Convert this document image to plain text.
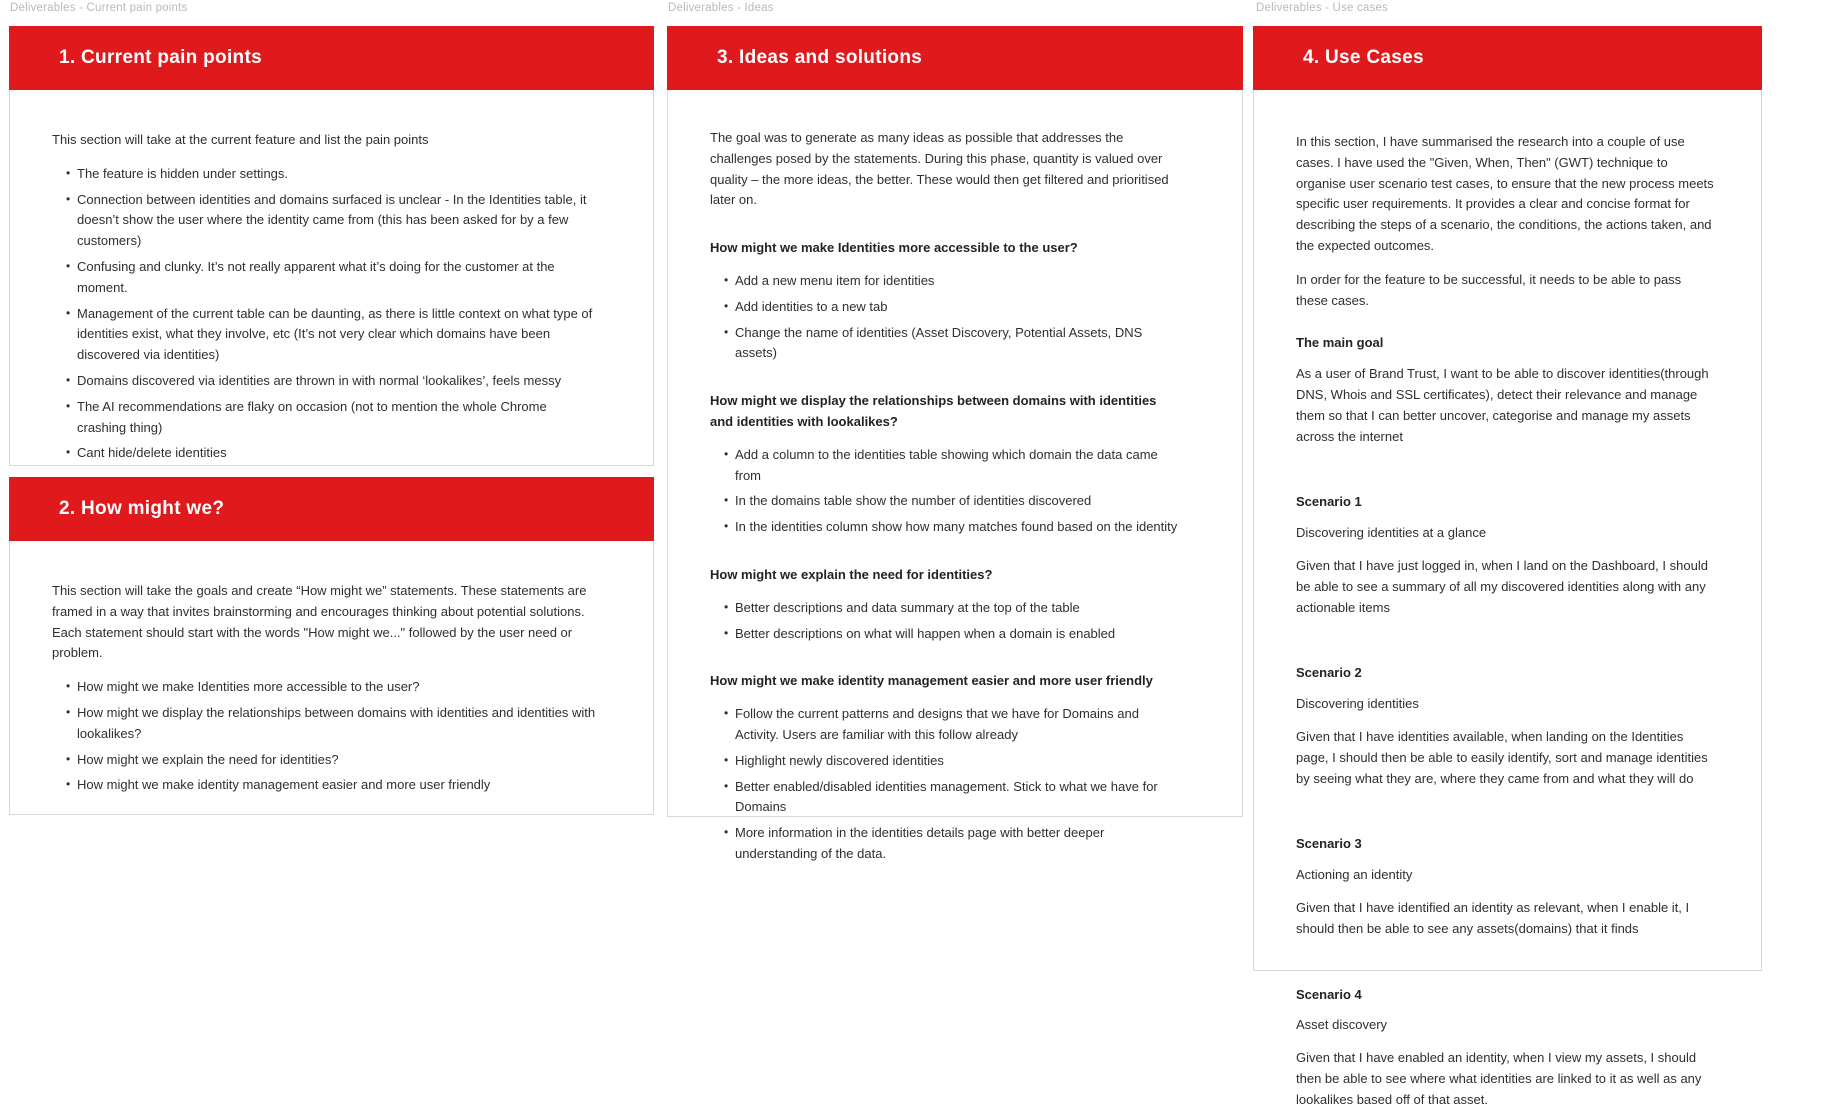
Deliverables - Current pain points	Deliverables - Ideas	Deliverables - Use cases
1. Current pain points

This section will take at the current feature and list the pain points

• The feature is hidden under settings.
• Connection between identities and domains surfaced is unclear - In the Identities table, it doesn’t show the user where the identity came from (this has been asked for by a few customers)
• Confusing and clunky. It’s not really apparent what it’s doing for the customer at the moment.
• Management of the current table can be daunting, as there is little context on what type of identities exist, what they involve, etc (It’s not very clear which domains have been discovered via identities)
• Domains discovered via identities are thrown in with normal ‘lookalikes’, feels messy
• The AI recommendations are flaky on occasion (not to mention the whole Chrome crashing thing)
• Cant hide/delete identities
2. How might we?

This section will take the goals and create “How might we” statements. These statements are framed in a way that invites brainstorming and encourages thinking about potential solutions. Each statement should start with the words "How might we..." followed by the user need or problem.

• How might we make Identities more accessible to the user?
• How might we display the relationships between domains with identities and identities with lookalikes?
• How might we explain the need for identities?
• How might we make identity management easier and more user friendly
3. Ideas and solutions

The goal was to generate as many ideas as possible that addresses the challenges posed by the statements. During this phase, quantity is valued over quality – the more ideas, the better. These would then get filtered and prioritised later on.

How might we make Identities more accessible to the user?

• Add a new menu item for identities
• Add identities to a new tab
• Change the name of identities (Asset Discovery, Potential Assets, DNS assets)

How might we display the relationships between domains with identities and identities with lookalikes?

• Add a column to the identities table showing which domain the data came from
• In the domains table show the number of identities discovered
• In the identities column show how many matches found based on the identity

How might we explain the need for identities?

• Better descriptions and data summary at the top of the table
• Better descriptions on what will happen when a domain is enabled

How might we make identity management easier and more user friendly

• Follow the current patterns and designs that we have for Domains and Activity. Users are familiar with this follow already
• Highlight newly discovered identities
• Better enabled/disabled identities management. Stick to what we have for Domains
• More information in the identities details page with better deeper understanding of the data.
4. Use Cases

In this section, I have summarised the research into a couple of use cases. I have used the "Given, When, Then" (GWT) technique to organise user scenario test cases, to ensure that the new process meets specific user requirements. It provides a clear and concise format for describing the steps of a scenario, the conditions, the actions taken, and the expected outcomes.

In order for the feature to be successful, it needs to be able to pass these cases.

The main goal

As a user of Brand Trust, I want to be able to discover identities(through DNS, Whois and SSL certificates), detect their relevance and manage them so that I can better uncover, categorise and manage my assets across the internet

Scenario 1

Discovering identities at a glance

Given that I have just logged in, when I land on the Dashboard, I should be able to see a summary of all my discovered identities along with any actionable items

Scenario 2

Discovering identities

Given that I have identities available, when landing on the Identities page, I should then be able to easily identify, sort and manage identities by seeing what they are, where they came from and what they will do

Scenario 3

Actioning an identity

Given that I have identified an identity as relevant, when I enable it, I should then be able to see any assets(domains) that it finds

Scenario 4

Asset discovery

Given that I have enabled an identity, when I view my assets, I should then be able to see where what identities are linked to it as well as any lookalikes based off of that asset.
